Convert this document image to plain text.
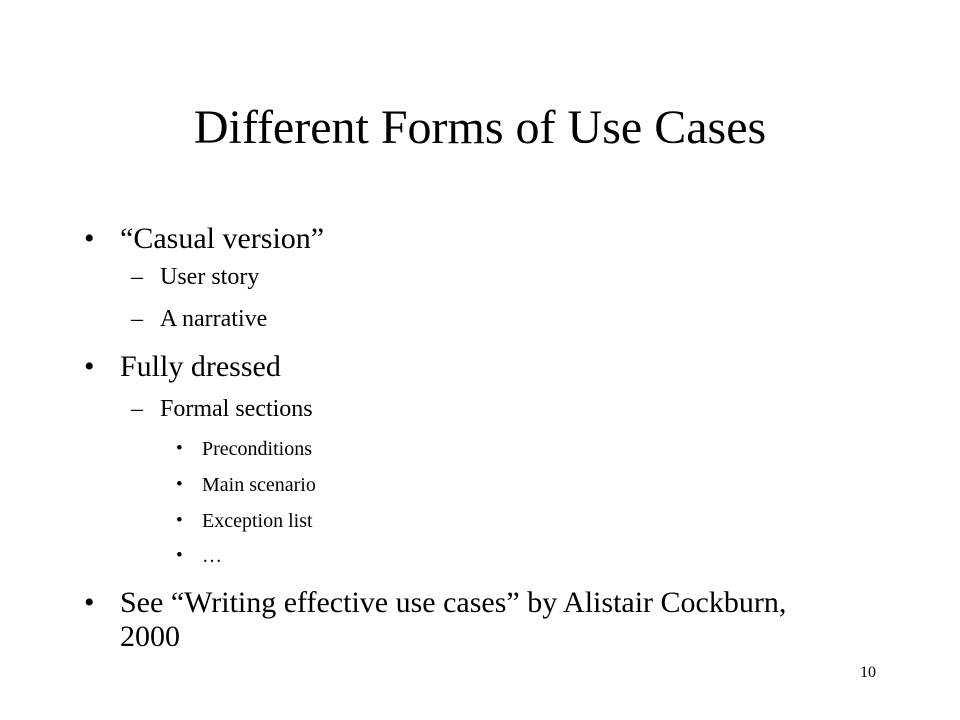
Different Forms of Use Cases
• “Casual version”
– User story
– A narrative
• Fully dressed
– Formal sections
• Preconditions
• Main scenario
• Exception list
• …
• See “Writing effective use cases” by Alistair Cockburn, 2000
10
